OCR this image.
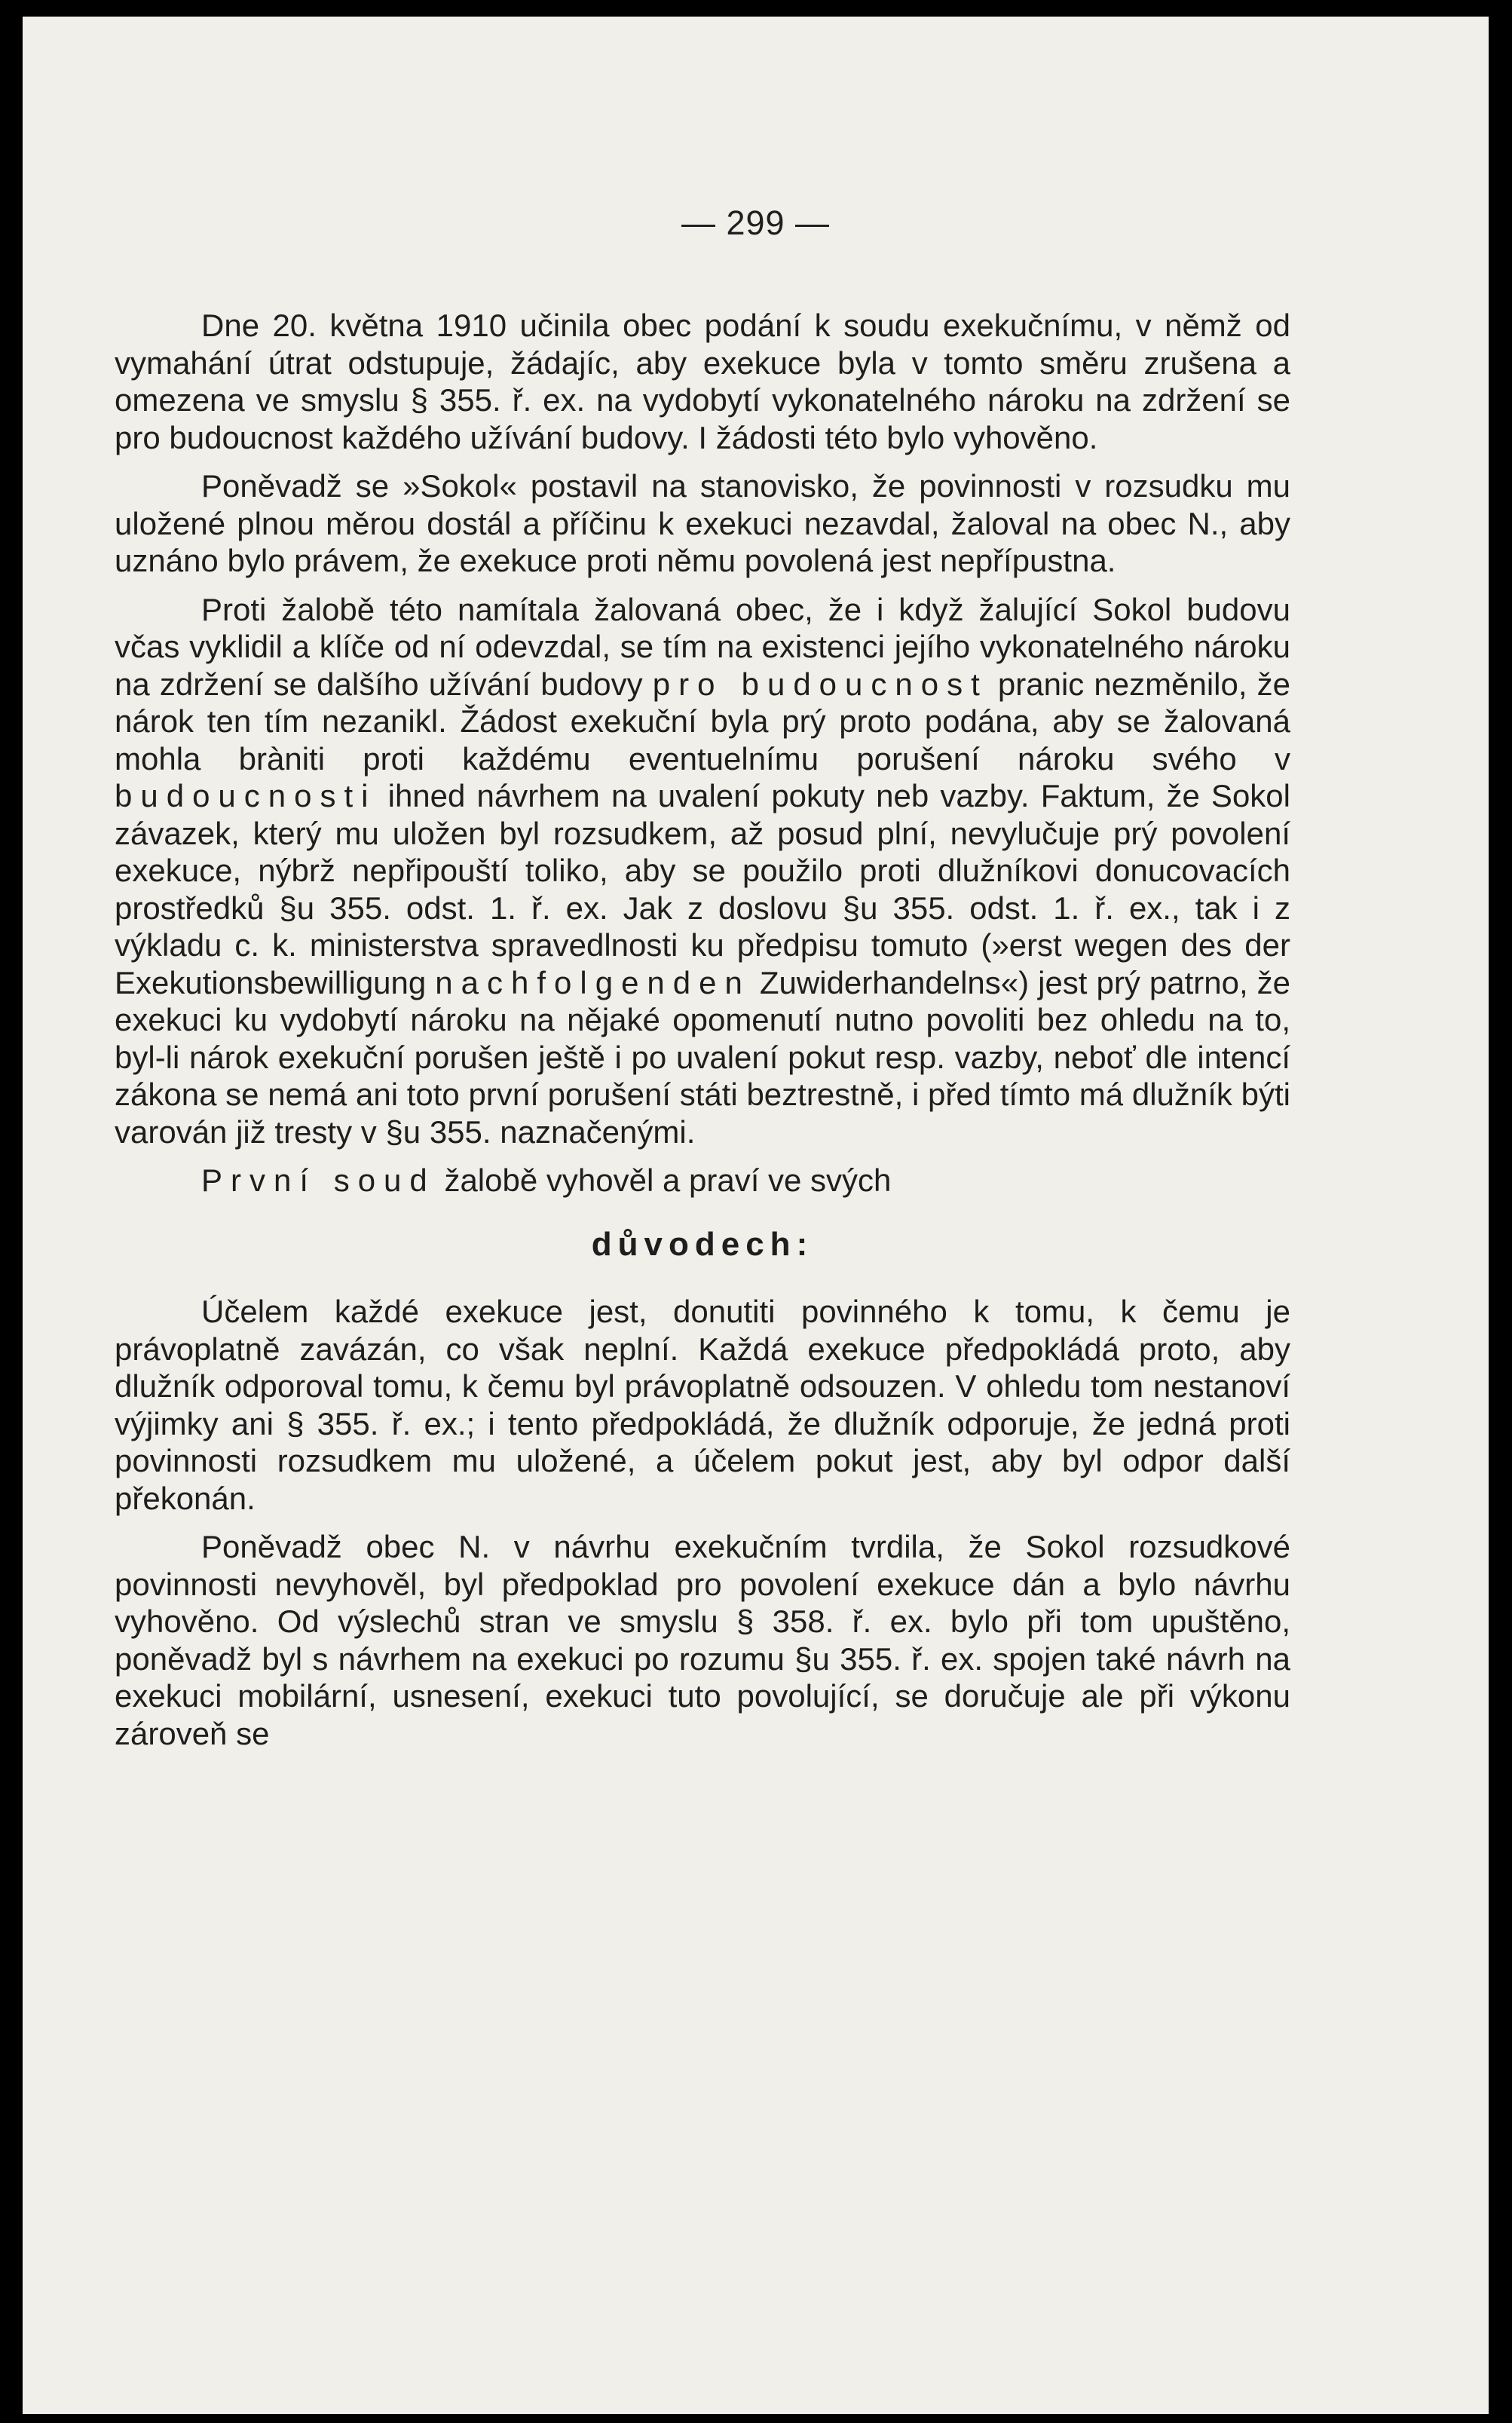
— 299 —

Dne 20. května 1910 učinila obec podání k soudu exekučnímu, v němž od vymahání útrat odstupuje, žádajíc, aby exekuce byla v tomto směru zrušena a omezena ve smyslu § 355. ř. ex. na vydobytí vykonatelného nároku na zdržení se pro budoucnost každého užívání budovy. I žádosti této bylo vyhověno.

Poněvadž se »Sokol« postavil na stanovisko, že povinnosti v rozsudku mu uložené plnou měrou dostál a příčinu k exekuci nezavdal, žaloval na obec N., aby uznáno bylo právem, že exekuce proti němu povolená jest nepřípustna.

Proti žalobě této namítala žalovaná obec, že i když žalující Sokol budovu včas vyklidil a klíče od ní odevzdal, se tím na existenci jejího vykonatelného nároku na zdržení se dalšího užívání budovy pro budoucnost pranic nezměnilo, že nárok ten tím nezanikl. Žádost exekuční byla prý proto podána, aby se žalovaná mohla bràniti proti každému eventuelnímu porušení nároku svého v budoucnosti ihned návrhem na uvalení pokuty neb vazby. Faktum, že Sokol závazek, který mu uložen byl rozsudkem, až posud plní, nevylučuje prý povolení exekuce, nýbrž nepřipouští toliko, aby se použilo proti dlužníkovi donucovacích prostředků §u 355. odst. 1. ř. ex. Jak z doslovu §u 355. odst. 1. ř. ex., tak i z výkladu c. k. ministerstva spravedlnosti ku předpisu tomuto (»erst wegen des der Exekutionsbewilligung nachfolgenden Zuwiderhandelns«) jest prý patrno, že exekuci ku vydobytí nároku na nějaké opomenutí nutno povoliti bez ohledu na to, byl-li nárok exekuční porušen ještě i po uvalení pokut resp. vazby, neboť dle intencí zákona se nemá ani toto první porušení státi beztrestně, i před tímto má dlužník býti varován již tresty v §u 355. naznačenými.

První soud žalobě vyhověl a praví ve svých

důvodech:

Účelem každé exekuce jest, donutiti povinného k tomu, k čemu je právoplatně zavázán, co však neplní. Každá exekuce předpokládá proto, aby dlužník odporoval tomu, k čemu byl právoplatně odsouzen. V ohledu tom nestanoví výjimky ani § 355. ř. ex.; i tento předpokládá, že dlužník odporuje, že jedná proti povinnosti rozsudkem mu uložené, a účelem pokut jest, aby byl odpor další překonán.

Poněvadž obec N. v návrhu exekučním tvrdila, že Sokol rozsudkové povinnosti nevyhověl, byl předpoklad pro povolení exekuce dán a bylo návrhu vyhověno. Od výslechů stran ve smyslu § 358. ř. ex. bylo při tom upuštěno, poněvadž byl s návrhem na exekuci po rozumu §u 355. ř. ex. spojen také návrh na exekuci mobilární, usnesení, exekuci tuto povolující, se doručuje ale při výkonu zároveň se
